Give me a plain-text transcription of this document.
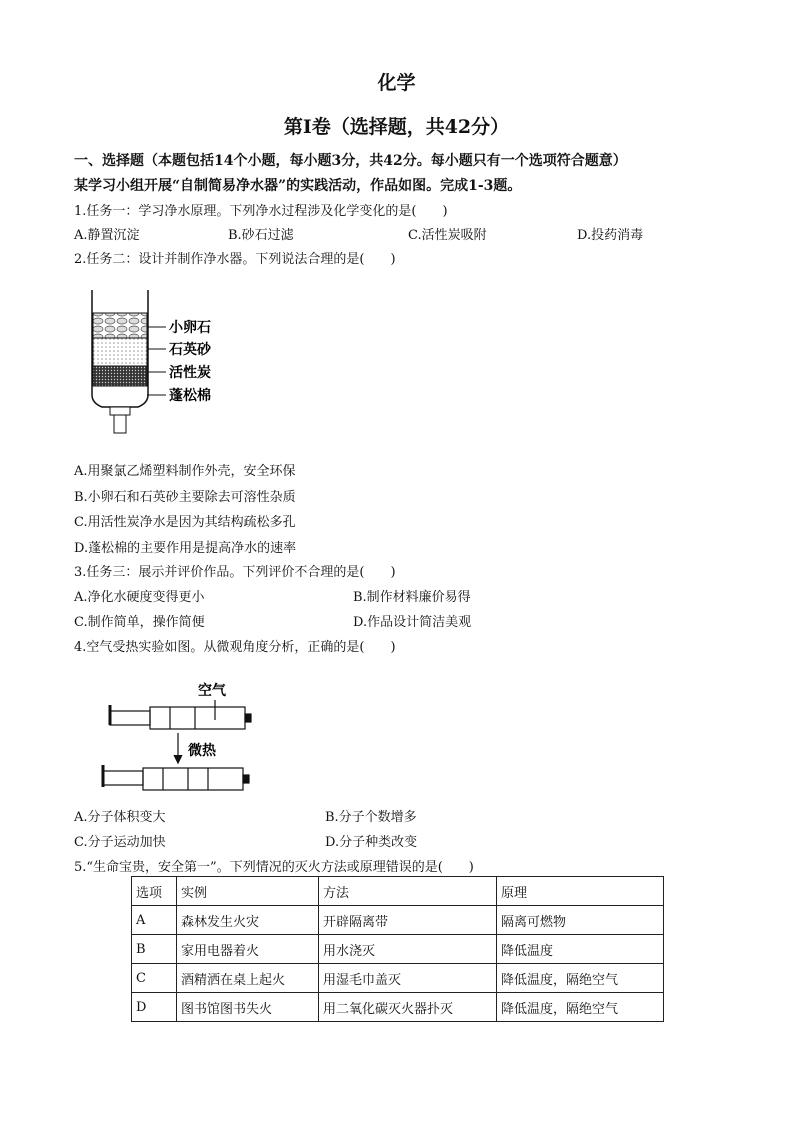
化学
第I卷（选择题，共42分）
一、选择题（本题包括14个小题，每小题3分，共42分。每小题只有一个选项符合题意）
某学习小组开展“自制简易净水器”的实践活动，作品如图。完成1-3题。
1.任务一：学习净水原理。下列净水过程涉及化学变化的是(　　)
A.静置沉淀	B.砂石过滤	C.活性炭吸附	D.投药消毒
2.任务二：设计并制作净水器。下列说法合理的是(　　)
小卵石
石英砂
活性炭
蓬松棉
A.用聚氯乙烯塑料制作外壳，安全环保
B.小卵石和石英砂主要除去可溶性杂质
C.用活性炭净水是因为其结构疏松多孔
D.蓬松棉的主要作用是提高净水的速率
3.任务三：展示并评价作品。下列评价不合理的是(　　)
A.净化水硬度变得更小	B.制作材料廉价易得
C.制作简单，操作简便	D.作品设计简洁美观
4.空气受热实验如图。从微观角度分析，正确的是(　　)
空气
微热
A.分子体积变大	B.分子个数增多
C.分子运动加快	D.分子种类改变
5.“生命宝贵，安全第一”。下列情况的灭火方法或原理错误的是(　　)
选项	实例	方法	原理
A	森林发生火灾	开辟隔离带	隔离可燃物
B	家用电器着火	用水浇灭	降低温度
C	酒精洒在桌上起火	用湿毛巾盖灭	降低温度，隔绝空气
D	图书馆图书失火	用二氧化碳灭火器扑灭	降低温度，隔绝空气
